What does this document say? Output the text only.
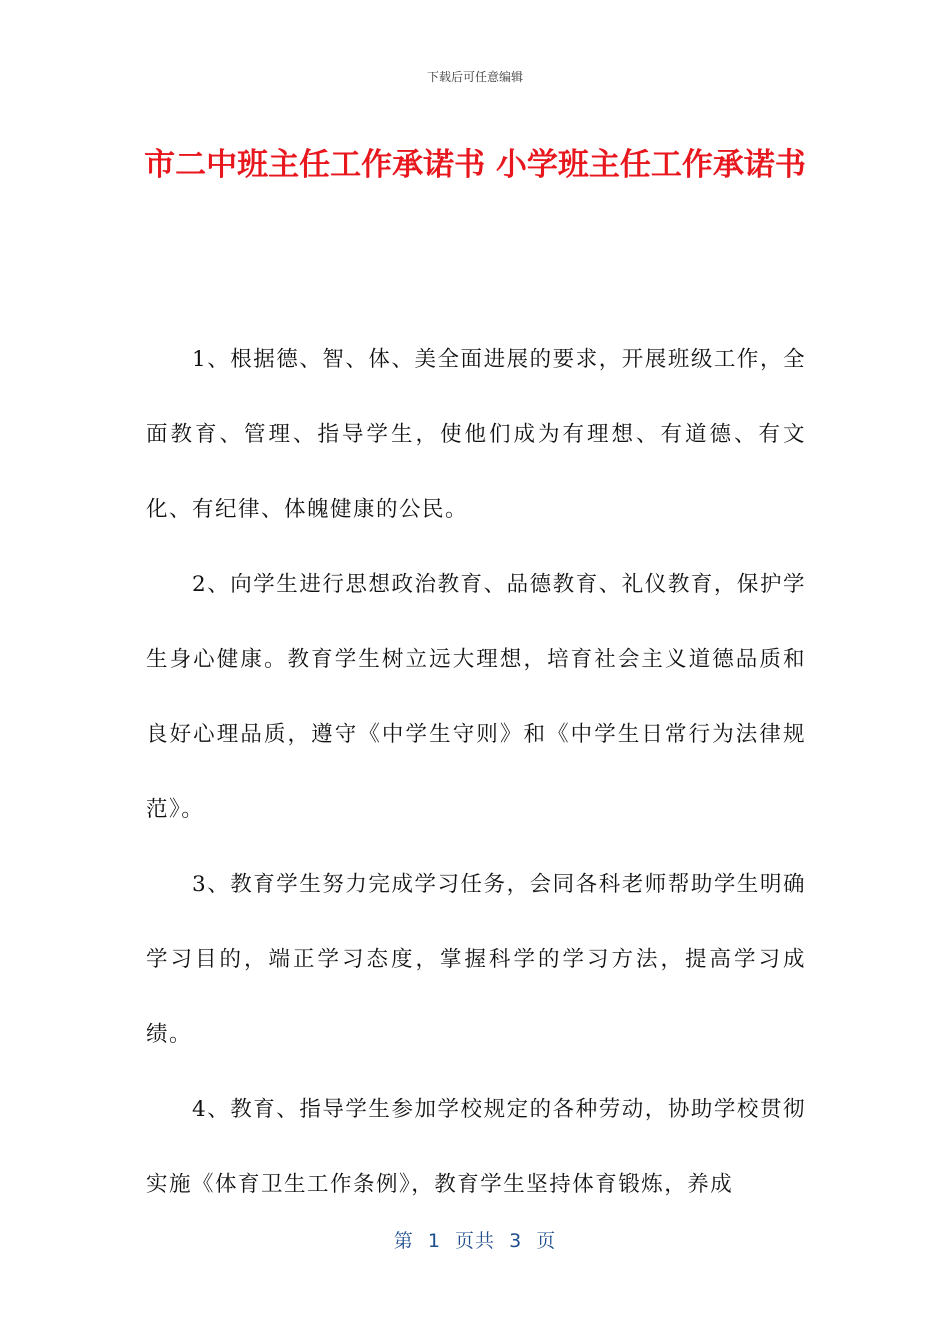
下载后可任意编辑
市二中班主任工作承诺书 小学班主任工作承诺书

1、根据德、智、体、美全面进展的要求，开展班级工作，全面教育、管理、指导学生，使他们成为有理想、有道德、有文化、有纪律、体魄健康的公民。

2、向学生进行思想政治教育、品德教育、礼仪教育，保护学生身心健康。教育学生树立远大理想，培育社会主义道德品质和良好心理品质，遵守《中学生守则》和《中学生日常行为法律规范》。

3、教育学生努力完成学习任务，会同各科老师帮助学生明确学习目的，端正学习态度，掌握科学的学习方法，提高学习成绩。

4、教育、指导学生参加学校规定的各种劳动，协助学校贯彻实施《体育卫生工作条例》，教育学生坚持体育锻炼，养成

第  1  页共  3  页
